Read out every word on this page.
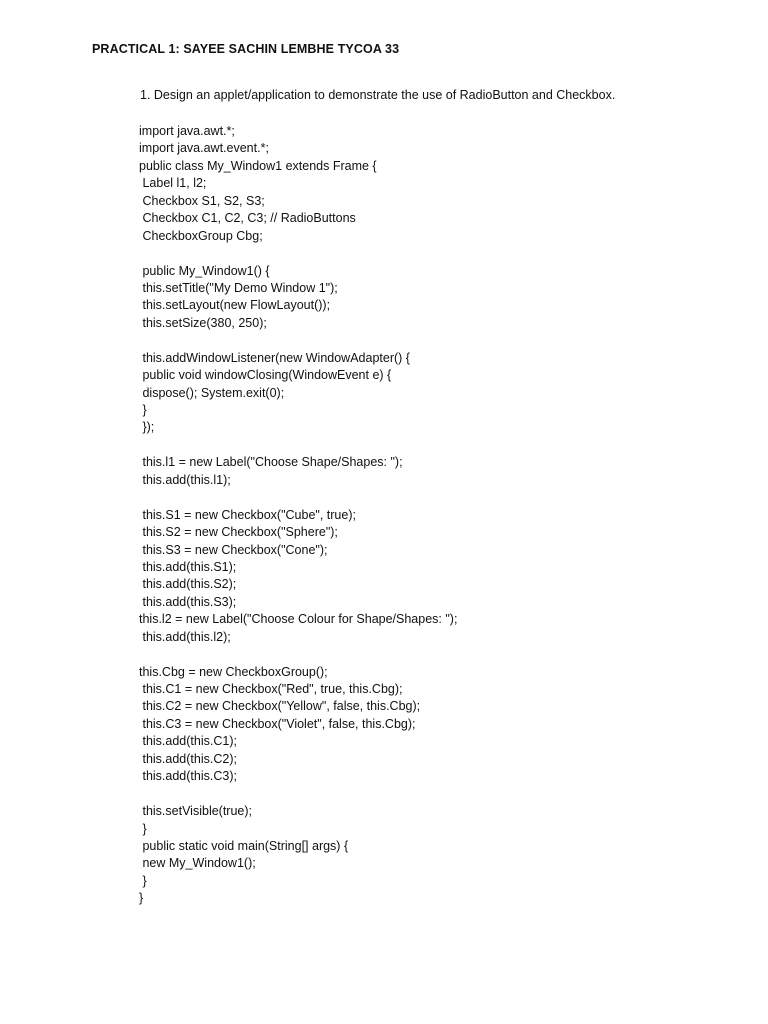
PRACTICAL 1: SAYEE SACHIN LEMBHE TYCOA 33
1. Design an applet/application to demonstrate the use of RadioButton and Checkbox.
import java.awt.*;
import java.awt.event.*;
public class My_Window1 extends Frame {
Label l1, l2;
Checkbox S1, S2, S3;
Checkbox C1, C2, C3; // RadioButtons
CheckboxGroup Cbg;
public My_Window1() {
this.setTitle("My Demo Window 1");
this.setLayout(new FlowLayout());
this.setSize(380, 250);
this.addWindowListener(new WindowAdapter() {
public void windowClosing(WindowEvent e) {
dispose(); System.exit(0);
}
});
this.l1 = new Label("Choose Shape/Shapes: ");
this.add(this.l1);
this.S1 = new Checkbox("Cube", true);
this.S2 = new Checkbox("Sphere");
this.S3 = new Checkbox("Cone");
this.add(this.S1);
this.add(this.S2);
this.add(this.S3);
this.l2 = new Label("Choose Colour for Shape/Shapes: ");
this.add(this.l2);
this.Cbg = new CheckboxGroup();
this.C1 = new Checkbox("Red", true, this.Cbg);
this.C2 = new Checkbox("Yellow", false, this.Cbg);
this.C3 = new Checkbox("Violet", false, this.Cbg);
this.add(this.C1);
this.add(this.C2);
this.add(this.C3);
this.setVisible(true);
}
public static void main(String[] args) {
new My_Window1();
}
}
